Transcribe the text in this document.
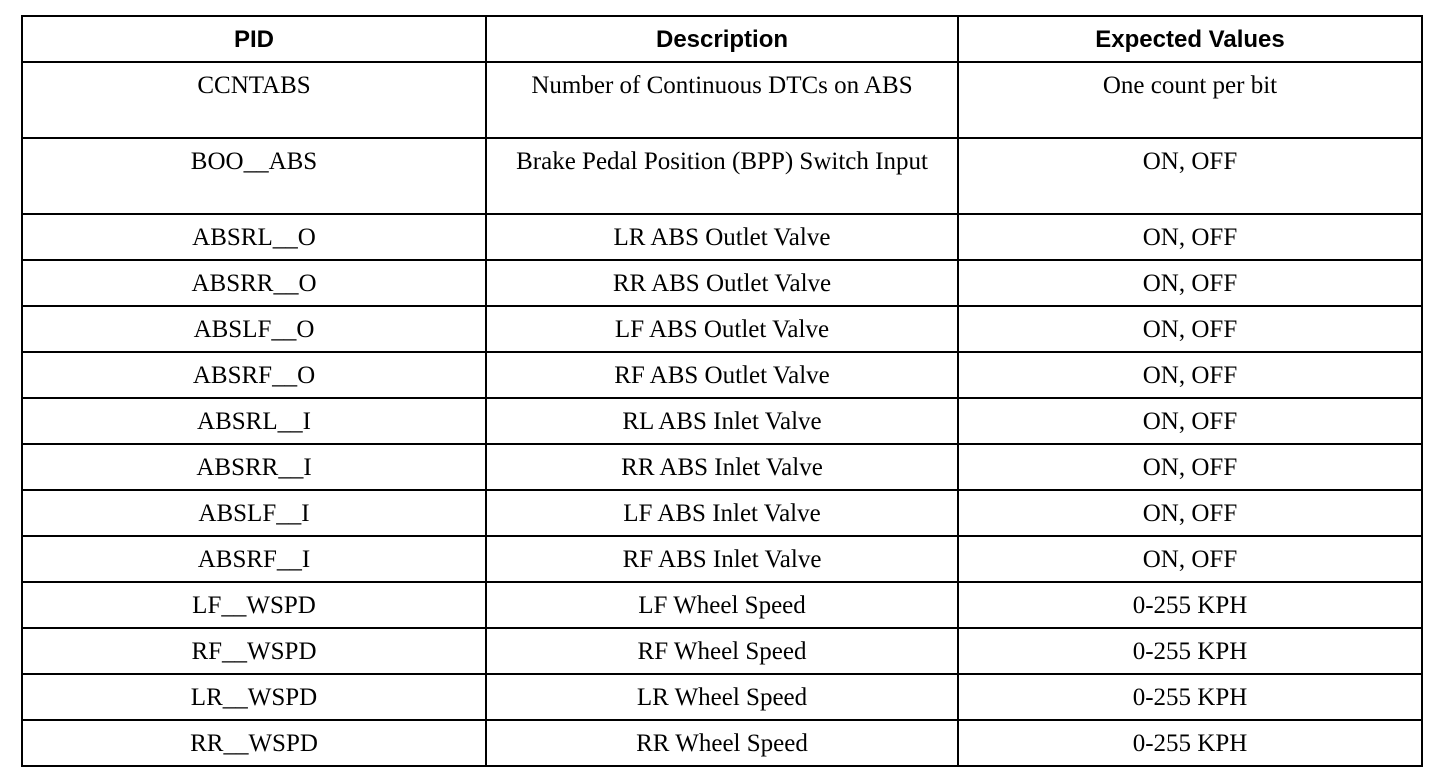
PID	Description	Expected Values
CCNTABS	Number of Continuous DTCs on ABS	One count per bit
BOO__ABS	Brake Pedal Position (BPP) Switch Input	ON, OFF
ABSRL__O	LR ABS Outlet Valve	ON, OFF
ABSRR__O	RR ABS Outlet Valve	ON, OFF
ABSLF__O	LF ABS Outlet Valve	ON, OFF
ABSRF__O	RF ABS Outlet Valve	ON, OFF
ABSRL__I	RL ABS Inlet Valve	ON, OFF
ABSRR__I	RR ABS Inlet Valve	ON, OFF
ABSLF__I	LF ABS Inlet Valve	ON, OFF
ABSRF__I	RF ABS Inlet Valve	ON, OFF
LF__WSPD	LF Wheel Speed	0-255 KPH
RF__WSPD	RF Wheel Speed	0-255 KPH
LR__WSPD	LR Wheel Speed	0-255 KPH
RR__WSPD	RR Wheel Speed	0-255 KPH
